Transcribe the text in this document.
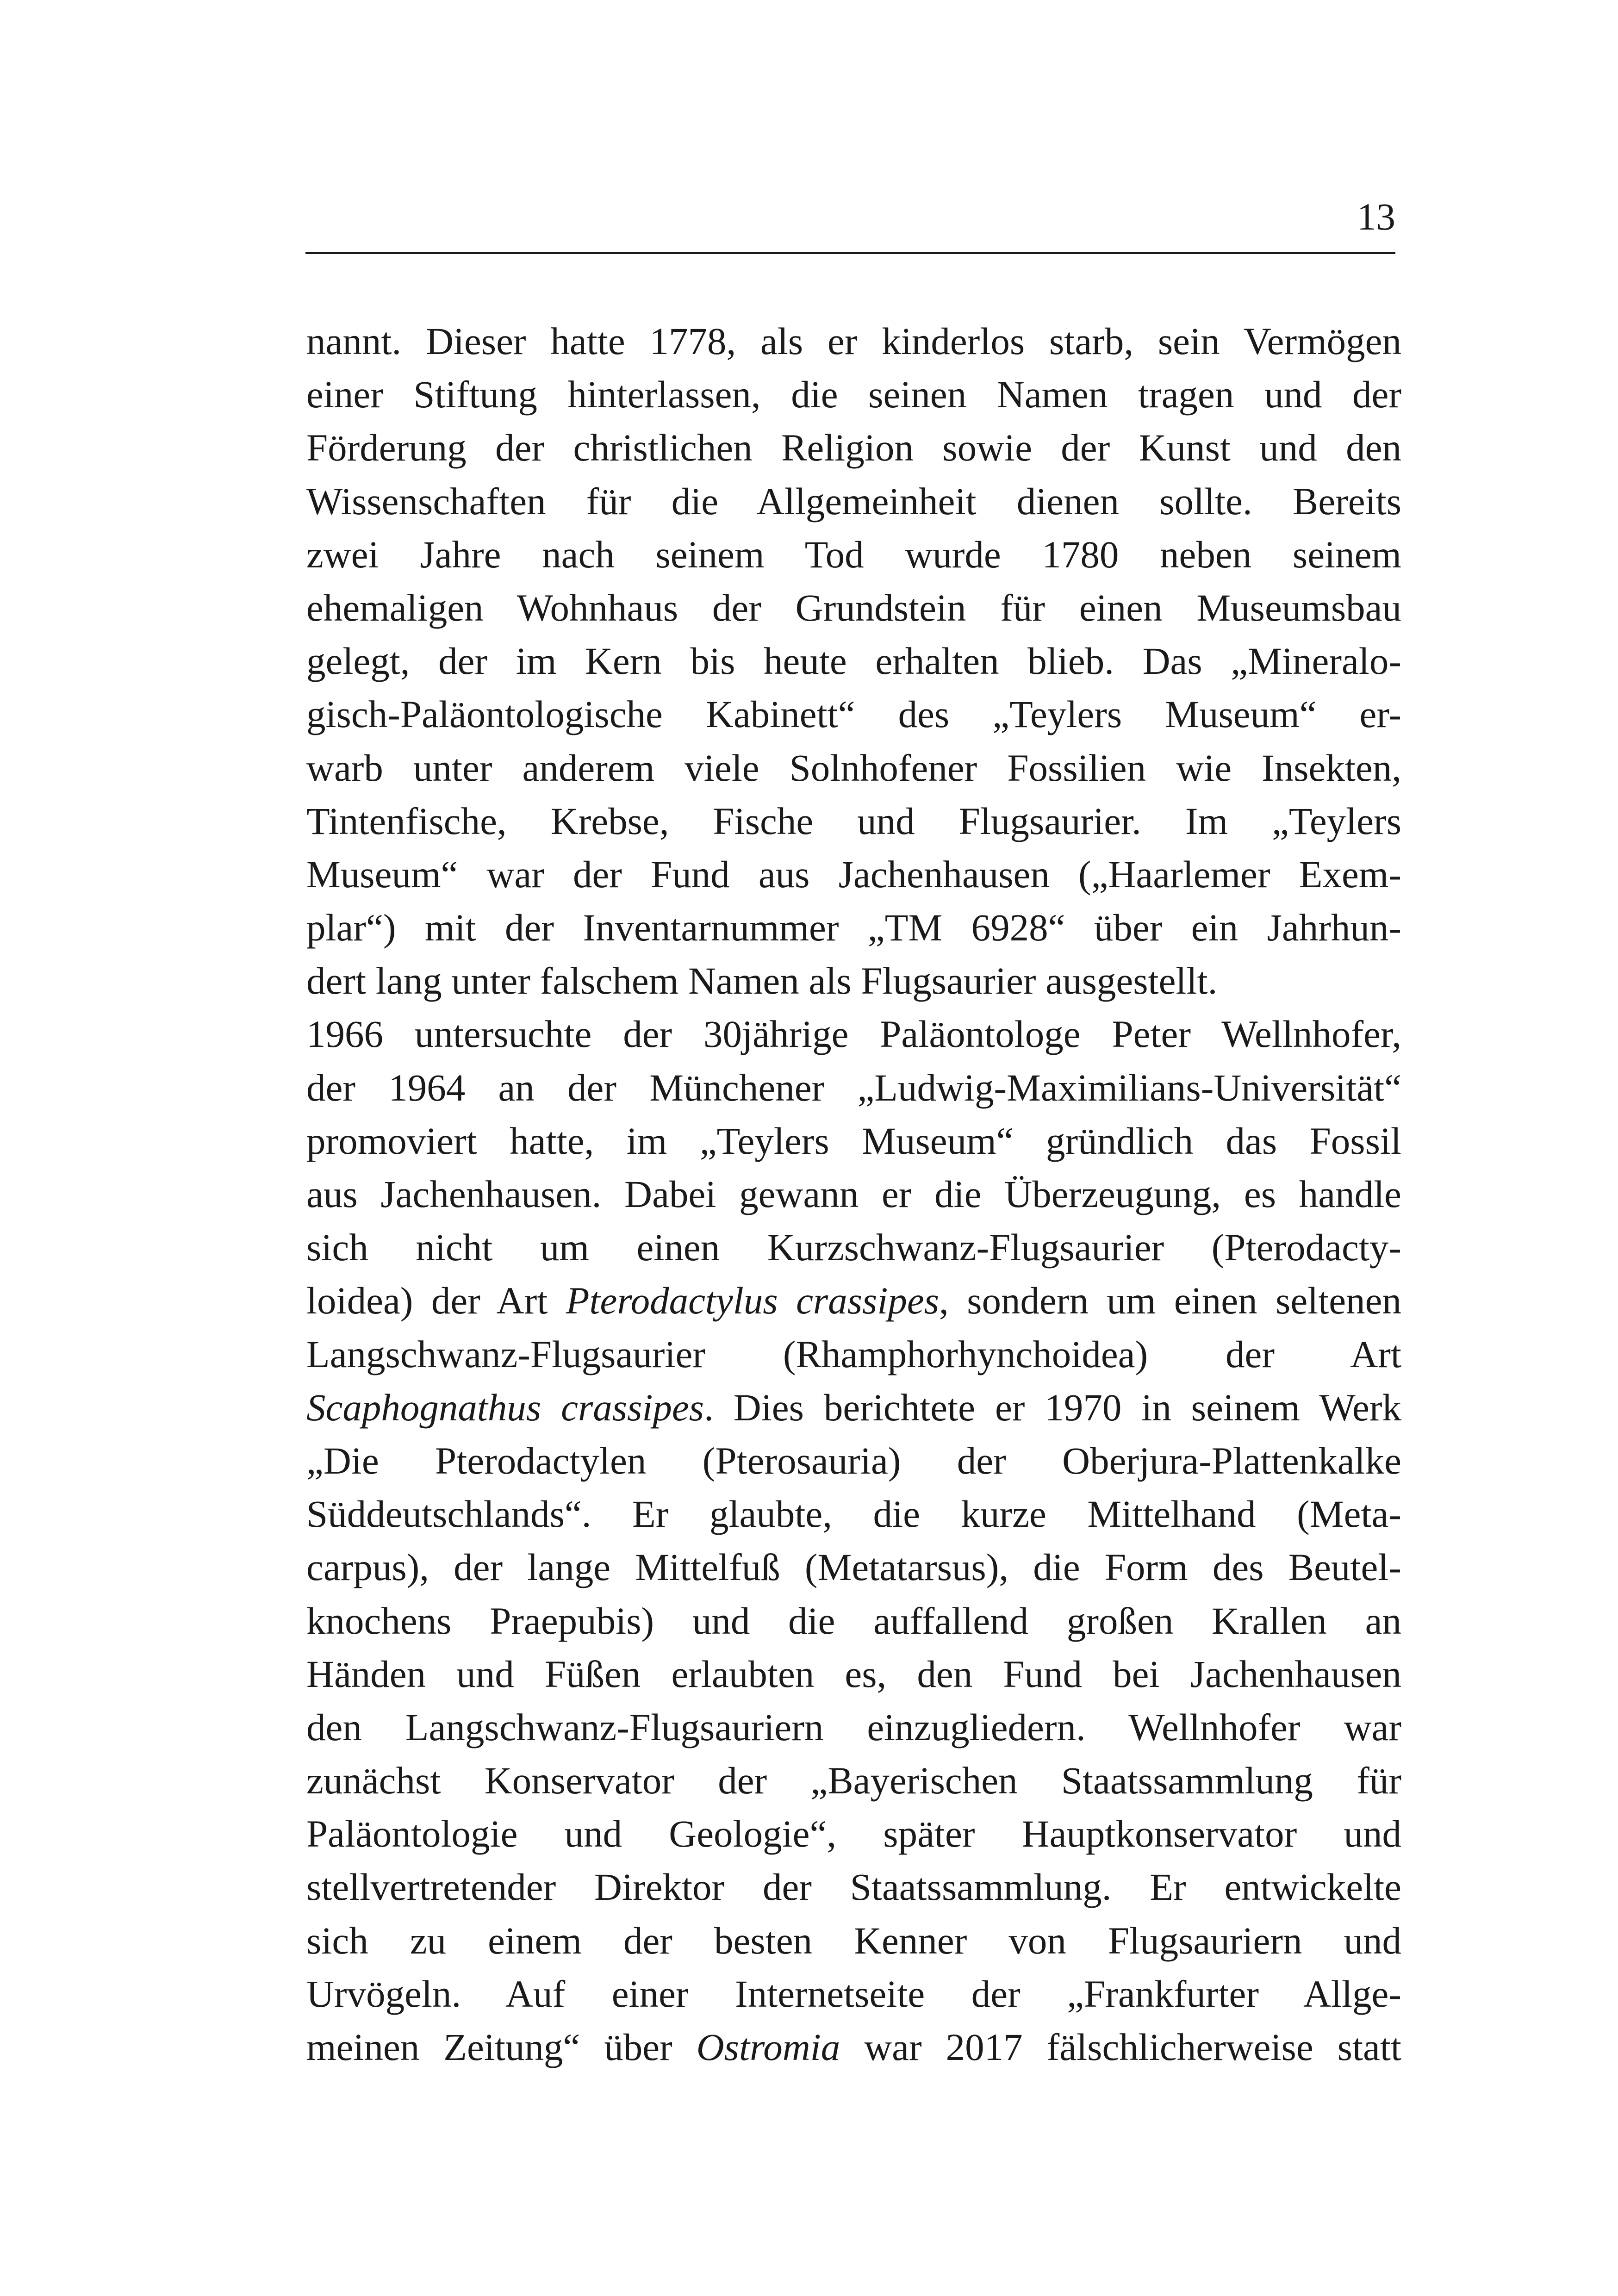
13
nannt. Dieser hatte 1778, als er kinderlos starb, sein Vermögen
einer Stiftung hinterlassen, die seinen Namen tragen und der
Förderung der christlichen Religion sowie der Kunst und den
Wissenschaften für die Allgemeinheit dienen sollte. Bereits
zwei Jahre nach seinem Tod wurde 1780 neben seinem
ehemaligen Wohnhaus der Grundstein für einen Museumsbau
gelegt, der im Kern bis heute erhalten blieb. Das „Mineralo-
gisch-Paläontologische Kabinett“ des „Teylers Museum“ er-
warb unter anderem viele Solnhofener Fossilien wie Insekten,
Tintenfische, Krebse, Fische und Flugsaurier. Im „Teylers
Museum“ war der Fund aus Jachenhausen („Haarlemer Exem-
plar“) mit der Inventarnummer „TM 6928“ über ein Jahrhun-
dert lang unter falschem Namen als Flugsaurier ausgestellt.
1966 untersuchte der 30jährige Paläontologe Peter Wellnhofer,
der 1964 an der Münchener „Ludwig-Maximilians-Universität“
promoviert hatte, im „Teylers Museum“ gründlich das Fossil
aus Jachenhausen. Dabei gewann er die Überzeugung, es handle
sich nicht um einen Kurzschwanz-Flugsaurier (Pterodacty-
loidea) der Art Pterodactylus crassipes, sondern um einen seltenen
Langschwanz-Flugsaurier (Rhamphorhynchoidea) der Art
Scaphognathus crassipes. Dies berichtete er 1970 in seinem Werk
„Die Pterodactylen (Pterosauria) der Oberjura-Plattenkalke
Süddeutschlands“. Er glaubte, die kurze Mittelhand (Meta-
carpus), der lange Mittelfuß (Metatarsus), die Form des Beutel-
knochens Praepubis) und die auffallend großen Krallen an
Händen und Füßen erlaubten es, den Fund bei Jachenhausen
den Langschwanz-Flugsauriern einzugliedern. Wellnhofer war
zunächst Konservator der „Bayerischen Staatssammlung für
Paläontologie und Geologie“, später Hauptkonservator und
stellvertretender Direktor der Staatssammlung. Er entwickelte
sich zu einem der besten Kenner von Flugsauriern und
Urvögeln. Auf einer Internetseite der „Frankfurter Allge-
meinen Zeitung“ über Ostromia war 2017 fälschlicherweise statt
